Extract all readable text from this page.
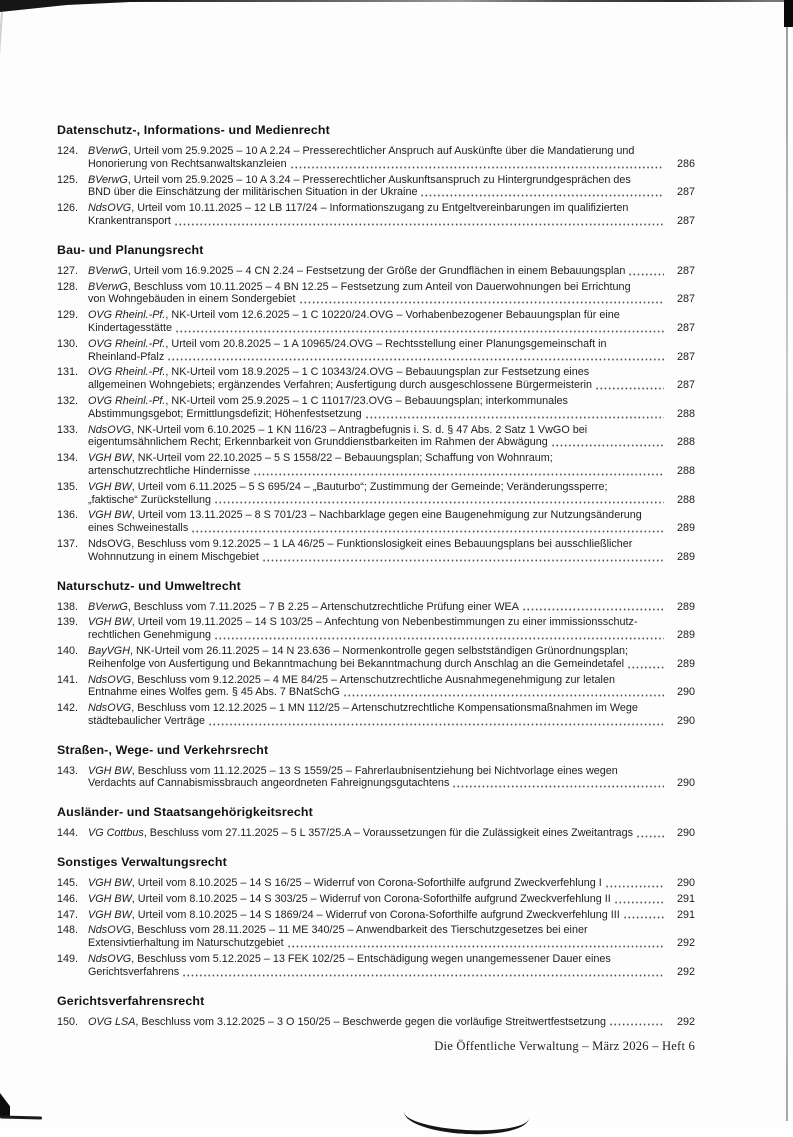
Datenschutz-, Informations- und Medienrecht
124. BVerwG, Urteil vom 25.9.2025 – 10 A 2.24 – Presserechtlicher Anspruch auf Auskünfte über die Mandatierung und
Honorierung von Rechtsanwaltskanzleien	286
125. BVerwG, Urteil vom 25.9.2025 – 10 A 3.24 – Presserechtlicher Auskunftsanspruch zu Hintergrundgesprächen des
BND über die Einschätzung der militärischen Situation in der Ukraine	287
126. NdsOVG, Urteil vom 10.11.2025 – 12 LB 117/24 – Informationszugang zu Entgeltvereinbarungen im qualifizierten
Krankentransport	287
Bau- und Planungsrecht
127. BVerwG, Urteil vom 16.9.2025 – 4 CN 2.24 – Festsetzung der Größe der Grundflächen in einem Bebauungsplan	287
128. BVerwG, Beschluss vom 10.11.2025 – 4 BN 12.25 – Festsetzung zum Anteil von Dauerwohnungen bei Errichtung
von Wohngebäuden in einem Sondergebiet	287
129. OVG Rheinl.-Pf., NK-Urteil vom 12.6.2025 – 1 C 10220/24.OVG – Vorhabenbezogener Bebauungsplan für eine
Kindertagesstätte	287
130. OVG Rheinl.-Pf., Urteil vom 20.8.2025 – 1 A 10965/24.OVG – Rechtsstellung einer Planungsgemeinschaft in
Rheinland-Pfalz	287
131. OVG Rheinl.-Pf., NK-Urteil vom 18.9.2025 – 1 C 10343/24.OVG – Bebauungsplan zur Festsetzung eines
allgemeinen Wohngebiets; ergänzendes Verfahren; Ausfertigung durch ausgeschlossene Bürgermeisterin	287
132. OVG Rheinl.-Pf., NK-Urteil vom 25.9.2025 – 1 C 11017/23.OVG – Bebauungsplan; interkommunales
Abstimmungsgebot; Ermittlungsdefizit; Höhenfestsetzung	288
133. NdsOVG, NK-Urteil vom 6.10.2025 – 1 KN 116/23 – Antragbefugnis i. S. d. § 47 Abs. 2 Satz 1 VwGO bei
eigentumsähnlichem Recht; Erkennbarkeit von Grunddienstbarkeiten im Rahmen der Abwägung	288
134. VGH BW, NK-Urteil vom 22.10.2025 – 5 S 1558/22 – Bebauungsplan; Schaffung von Wohnraum;
artenschutzrechtliche Hindernisse	288
135. VGH BW, Urteil vom 6.11.2025 – 5 S 695/24 – „Bauturbo“; Zustimmung der Gemeinde; Veränderungssperre;
„faktische“ Zurückstellung	288
136. VGH BW, Urteil vom 13.11.2025 – 8 S 701/23 – Nachbarklage gegen eine Baugenehmigung zur Nutzungsänderung
eines Schweinestalls	289
137. NdsOVG, Beschluss vom 9.12.2025 – 1 LA 46/25 – Funktionslosigkeit eines Bebauungsplans bei ausschließlicher
Wohnnutzung in einem Mischgebiet	289
Naturschutz- und Umweltrecht
138. BVerwG, Beschluss vom 7.11.2025 – 7 B 2.25 – Artenschutzrechtliche Prüfung einer WEA	289
139. VGH BW, Urteil vom 19.11.2025 – 14 S 103/25 – Anfechtung von Nebenbestimmungen zu einer immissionsschutz-
rechtlichen Genehmigung	289
140. BayVGH, NK-Urteil vom 26.11.2025 – 14 N 23.636 – Normenkontrolle gegen selbstständigen Grünordnungsplan;
Reihenfolge von Ausfertigung und Bekanntmachung bei Bekanntmachung durch Anschlag an die Gemeindetafel	289
141. NdsOVG, Beschluss vom 9.12.2025 – 4 ME 84/25 – Artenschutzrechtliche Ausnahmegenehmigung zur letalen
Entnahme eines Wolfes gem. § 45 Abs. 7 BNatSchG	290
142. NdsOVG, Beschluss vom 12.12.2025 – 1 MN 112/25 – Artenschutzrechtliche Kompensationsmaßnahmen im Wege
städtebaulicher Verträge	290
Straßen-, Wege- und Verkehrsrecht
143. VGH BW, Beschluss vom 11.12.2025 – 13 S 1559/25 – Fahrerlaubnisentziehung bei Nichtvorlage eines wegen
Verdachts auf Cannabismissbrauch angeordneten Fahreignungsgutachtens	290
Ausländer- und Staatsangehörigkeitsrecht
144. VG Cottbus, Beschluss vom 27.11.2025 – 5 L 357/25.A – Voraussetzungen für die Zulässigkeit eines Zweitantrags	290
Sonstiges Verwaltungsrecht
145. VGH BW, Urteil vom 8.10.2025 – 14 S 16/25 – Widerruf von Corona-Soforthilfe aufgrund Zweckverfehlung I	290
146. VGH BW, Urteil vom 8.10.2025 – 14 S 303/25 – Widerruf von Corona-Soforthilfe aufgrund Zweckverfehlung II	291
147. VGH BW, Urteil vom 8.10.2025 – 14 S 1869/24 – Widerruf von Corona-Soforthilfe aufgrund Zweckverfehlung III	291
148. NdsOVG, Beschluss vom 28.11.2025 – 11 ME 340/25 – Anwendbarkeit des Tierschutzgesetzes bei einer
Extensivtierhaltung im Naturschutzgebiet	292
149. NdsOVG, Beschluss vom 5.12.2025 – 13 FEK 102/25 – Entschädigung wegen unangemessener Dauer eines
Gerichtsverfahrens	292
Gerichtsverfahrensrecht
150. OVG LSA, Beschluss vom 3.12.2025 – 3 O 150/25 – Beschwerde gegen die vorläufige Streitwertfestsetzung	292
Die Öffentliche Verwaltung – März 2026 – Heft 6
